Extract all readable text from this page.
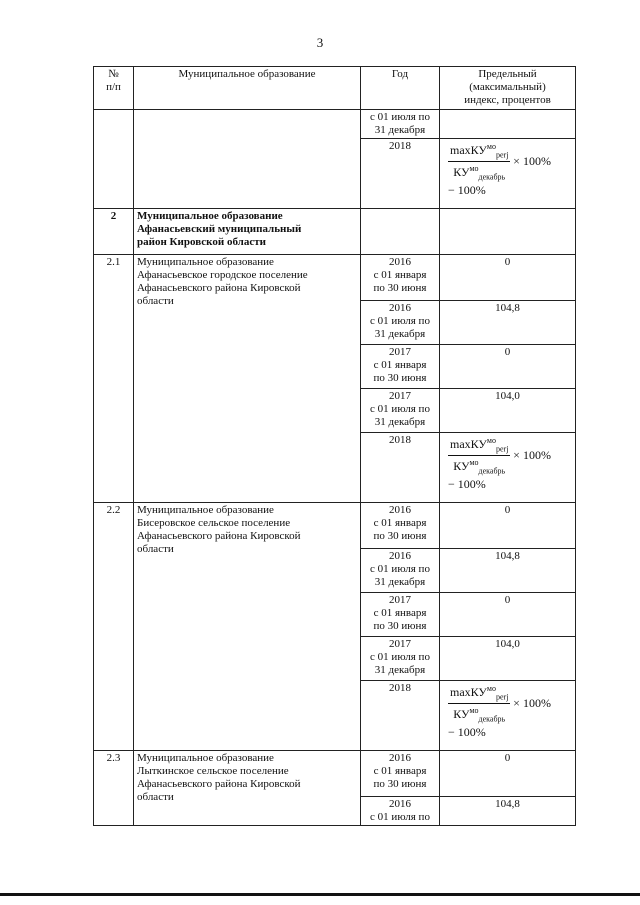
3
№
п/п	Муниципальное образование	Год	Предельный
(максимальный)
индекс, процентов
		с 01 июля по
31 декабря	
		2018	$\frac{\max КУ^{мо}_{perj}}{КУ^{мо}_{декабрь}} \times 100\%$
− 100%

2	Муниципальное образование
Афанасьевский муниципальный
район Кировской области		
2.1	Муниципальное образование
Афанасьевское городское поселение
Афанасьевского района Кировской
области	2016
с 01 января
по 30 июня	0
		2016
с 01 июля по
31 декабря	104,8
		2017
с 01 января
по 30 июня	0
		2017
с 01 июля по
31 декабря	104,0
		2018	$\frac{\max КУ^{мо}_{perj}}{КУ^{мо}_{декабрь}} \times 100\%$
− 100%

2.2	Муниципальное образование
Бисеровское сельское поселение
Афанасьевского района Кировской
области	2016
с 01 января
по 30 июня	0
		2016
с 01 июля по
31 декабря	104,8
		2017
с 01 января
по 30 июня	0
		2017
с 01 июля по
31 декабря	104,0
		2018	$\frac{\max КУ^{мо}_{perj}}{КУ^{мо}_{декабрь}} \times 100\%$
− 100%

2.3	Муниципальное образование
Лыткинское сельское поселение
Афанасьевского района Кировской
области	2016
с 01 января
по 30 июня	0
		2016
с 01 июля по	104,8
